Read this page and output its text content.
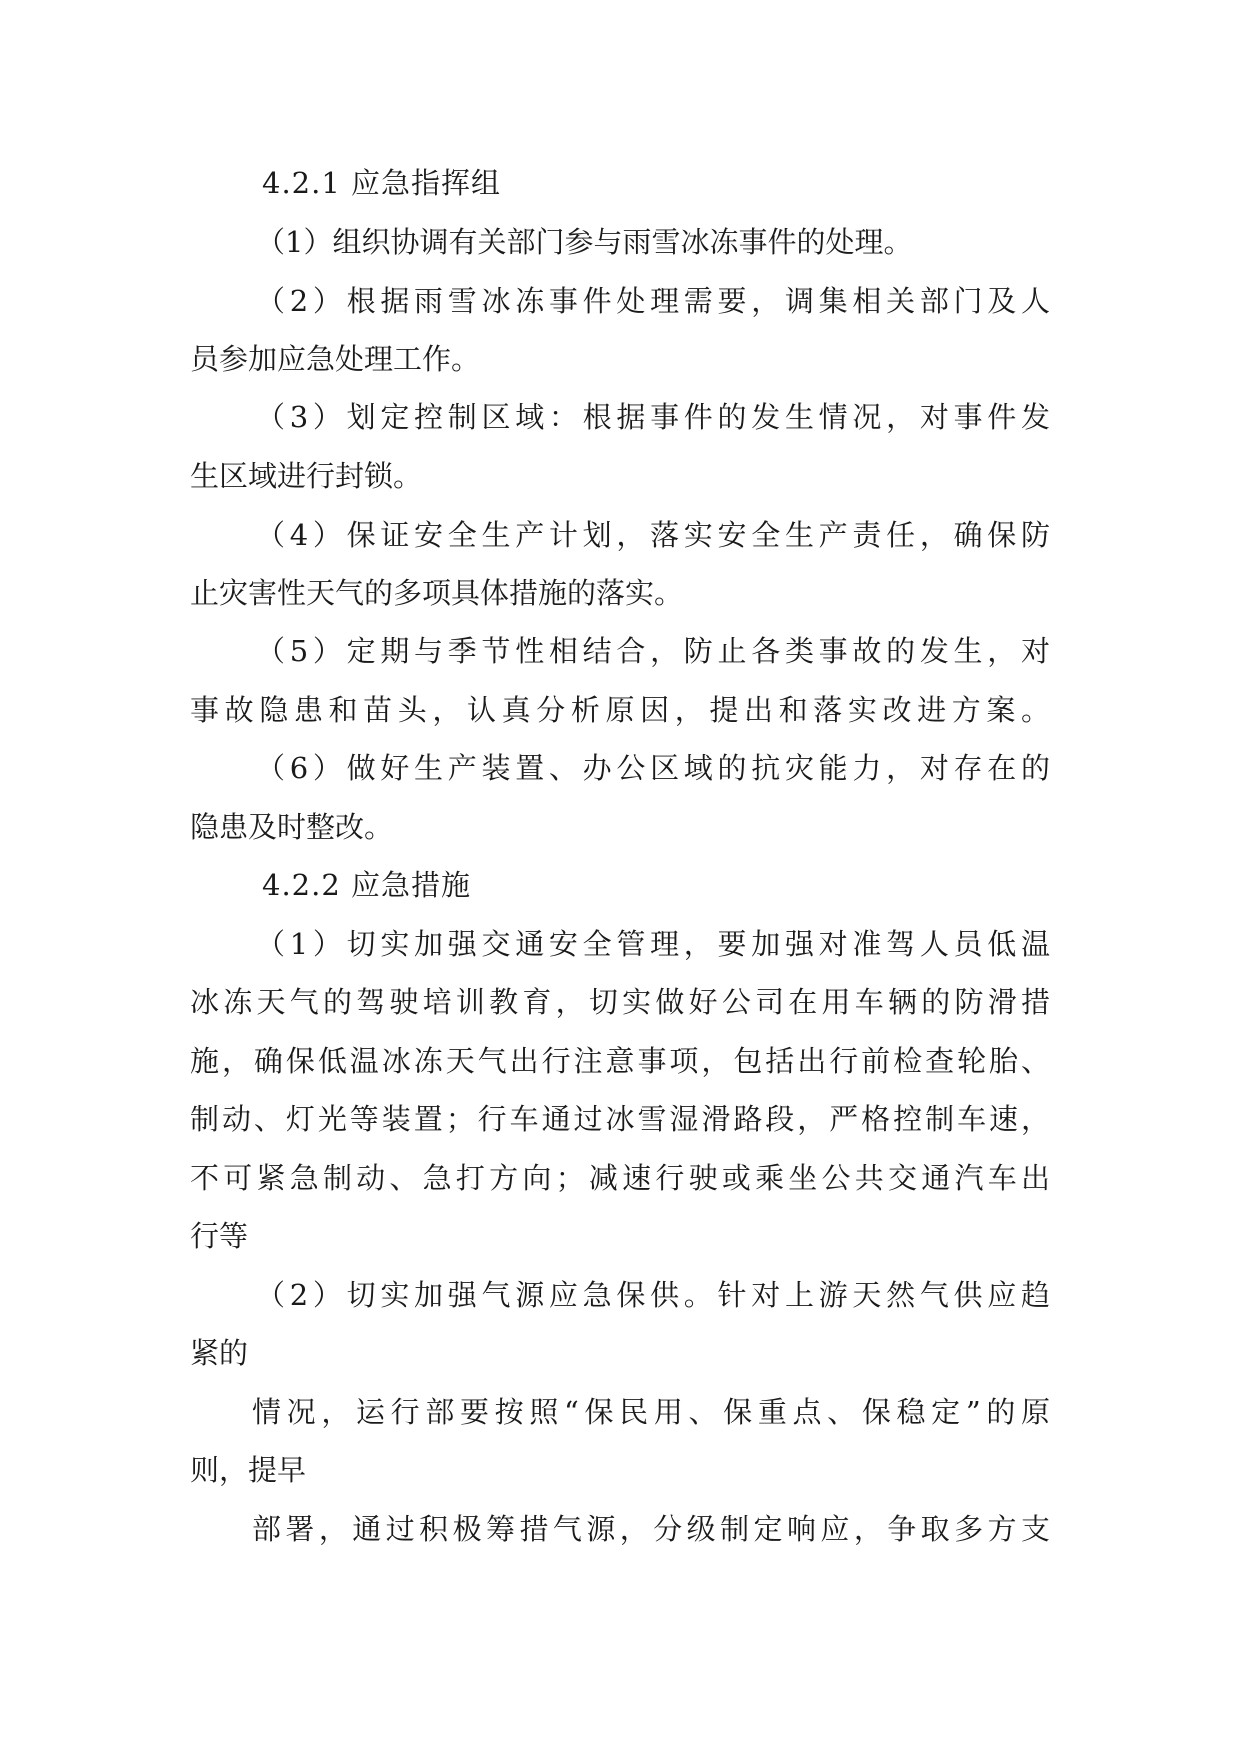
4.2.1 应急指挥组
（1）组织协调有关部门参与雨雪冰冻事件的处理。
（2）根据雨雪冰冻事件处理需要，调集相关部门及人
员参加应急处理工作。
（3）划定控制区域：根据事件的发生情况，对事件发
生区域进行封锁。
（4）保证安全生产计划，落实安全生产责任，确保防
止灾害性天气的多项具体措施的落实。
（5）定期与季节性相结合，防止各类事故的发生，对
事故隐患和苗头，认真分析原因，提出和落实改进方案。
（6）做好生产装置、办公区域的抗灾能力，对存在的
隐患及时整改。
4.2.2 应急措施
（1）切实加强交通安全管理，要加强对准驾人员低温
冰冻天气的驾驶培训教育，切实做好公司在用车辆的防滑措
施，确保低温冰冻天气出行注意事项，包括出行前检查轮胎、
制动、灯光等装置；行车通过冰雪湿滑路段，严格控制车速，
不可紧急制动、急打方向；减速行驶或乘坐公共交通汽车出
行等
（2）切实加强气源应急保供。针对上游天然气供应趋
紧的
情况，运行部要按照“保民用、保重点、保稳定”的原
则，提早
部署，通过积极筹措气源，分级制定响应，争取多方支
